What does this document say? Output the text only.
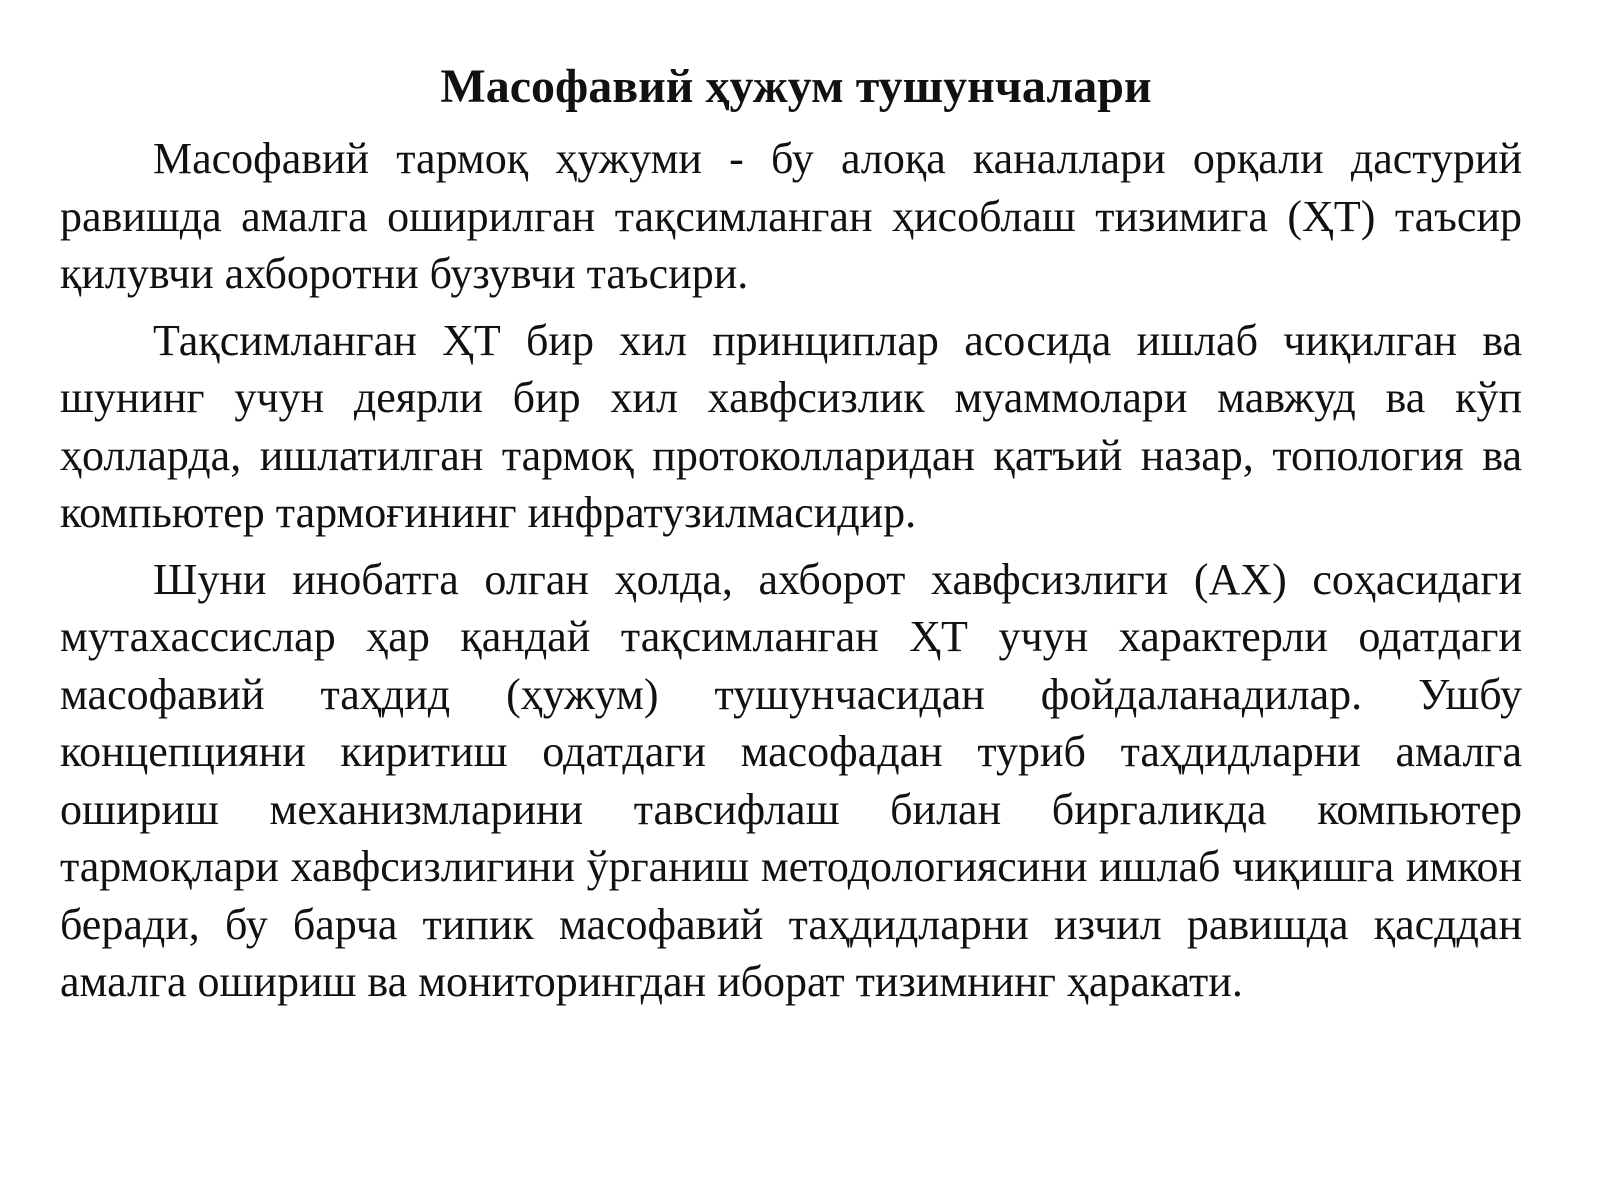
Масофавий ҳужум тушунчалари

Масофавий тармоқ ҳужуми - бу алоқа каналлари орқали дастурий равишда амалга оширилган тақсимланган ҳисоблаш тизимига (ҲТ) таъсир қилувчи ахборотни бузувчи таъсири.

Тақсимланган ҲТ бир хил принциплар асосида ишлаб чиқилган ва шунинг учун деярли бир хил хавфсизлик муаммолари мавжуд ва кўп ҳолларда, ишлатилган тармоқ протоколларидан қатъий назар, топология ва компьютер тармоғининг инфратузилмасидир.

Шуни инобатга олган ҳолда, ахборот хавфсизлиги (АХ) соҳасидаги мутахассислар ҳар қандай тақсимланган ҲТ учун характерли одатдаги масофавий таҳдид (ҳужум) тушунчасидан фойдаланадилар. Ушбу концепцияни киритиш одатдаги масофадан туриб таҳдидларни амалга ошириш механизмларини тавсифлаш билан биргаликда компьютер тармоқлари хавфсизлигини ўрганиш методологиясини ишлаб чиқишга имкон беради, бу барча типик масофавий таҳдидларни изчил равишда қасддан амалга ошириш ва мониторингдан иборат тизимнинг ҳаракати.
